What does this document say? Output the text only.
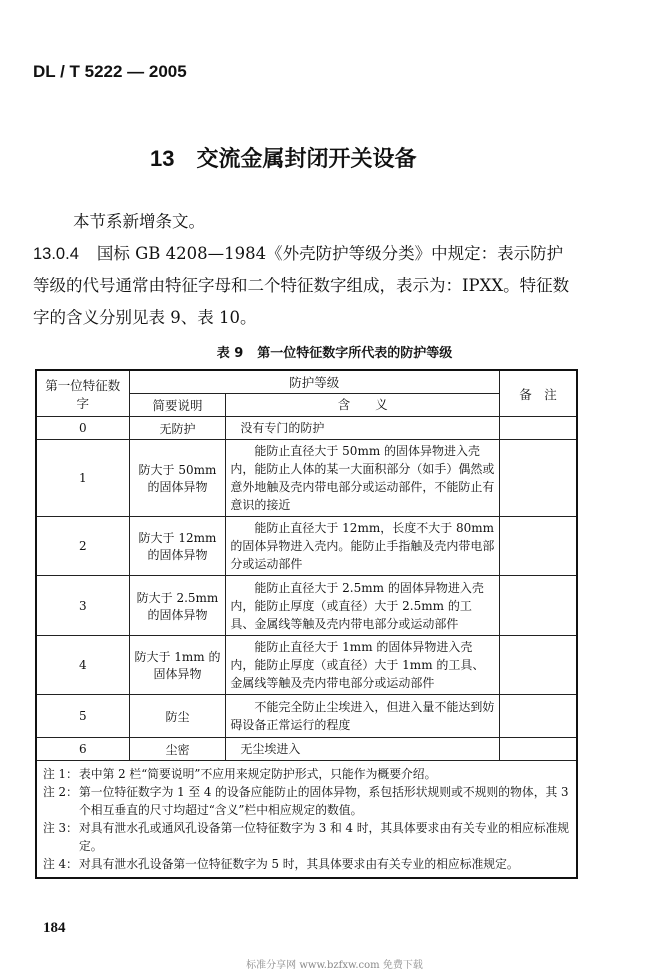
DL / T 5222 — 2005
13 交流金属封闭开关设备
本节系新增条文。
13.0.4 国标 GB 4208—1984《外壳防护等级分类》中规定：表示防护等级的代号通常由特征字母和二个特征数字组成，表示为：IPXX。特征数字的含义分别见表 9、表 10。
表 9 第一位特征数字所代表的防护等级
第一位特征数字	防护等级		备　注
	简要说明	含　　义	
0	无防护	没有专门的防护	
1	防大于 50mm 的固体异物	能防止直径大于 50mm 的固体异物进入壳内，能防止人体的某一大面积部分（如手）偶然或意外地触及壳内带电部分或运动部件，不能防止有意识的接近	
2	防大于 12mm 的固体异物	能防止直径大于 12mm，长度不大于 80mm 的固体异物进入壳内。能防止手指触及壳内带电部分或运动部件	
3	防大于 2.5mm 的固体异物	能防止直径大于 2.5mm 的固体异物进入壳内，能防止厚度（或直径）大于 2.5mm 的工具、金属线等触及壳内带电部分或运动部件	
4	防大于 1mm 的固体异物	能防止直径大于 1mm 的固体异物进入壳内，能防止厚度（或直径）大于 1mm 的工具、金属线等触及壳内带电部分或运动部件	
5	防尘	不能完全防止尘埃进入，但进入量不能达到妨碍设备正常运行的程度	
6	尘密	无尘埃进入	

注 1：表中第 2 栏“简要说明”不应用来规定防护形式，只能作为概要介绍。
注 2：第一位特征数字为 1 至 4 的设备应能防止的固体异物，系包括形状规则或不规则的物体，其 3 个相互垂直的尺寸均超过“含义”栏中相应规定的数值。
注 3：对具有泄水孔或通风孔设备第一位特征数字为 3 和 4 时，其具体要求由有关专业的相应标准规定。
注 4：对具有泄水孔设备第一位特征数字为 5 时，其具体要求由有关专业的相应标准规定。			
184
标准分享网 www.bzfxw.com 免费下载
